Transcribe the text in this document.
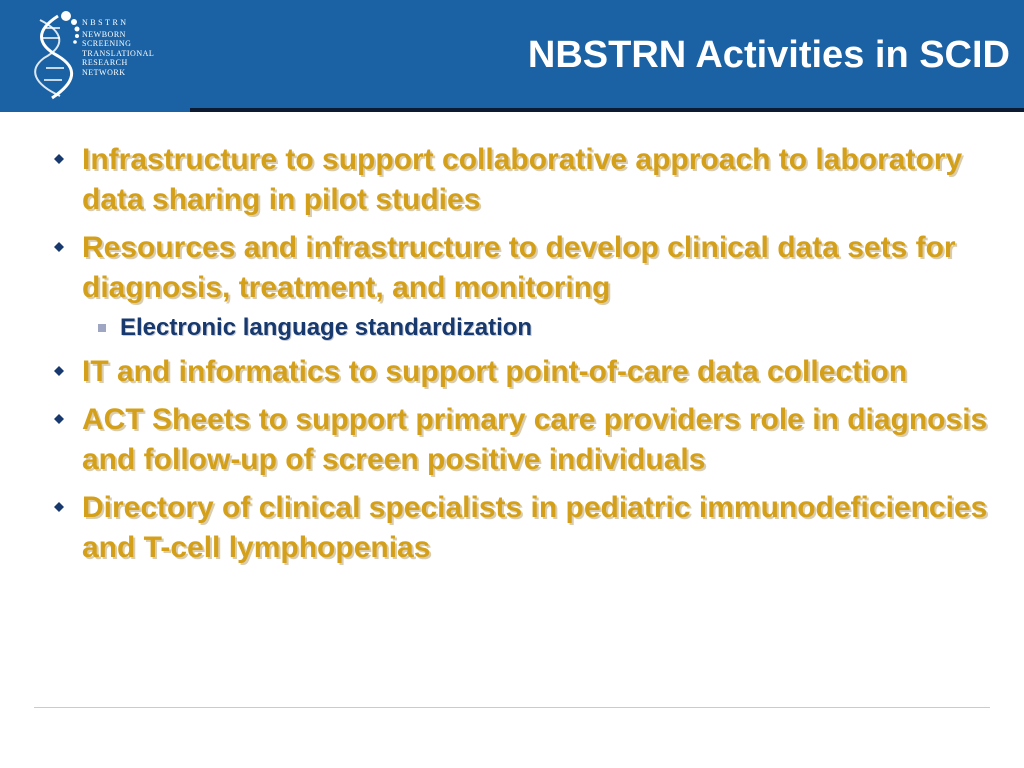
NBSTRN
NEWBORN
SCREENING
TRANSLATIONAL
RESEARCH
NETWORK	NBSTRN Activities in SCID
Infrastructure to support collaborative approach to laboratory data sharing in pilot studies
Resources and infrastructure to develop clinical data sets for diagnosis, treatment, and monitoring
Electronic language standardization
IT and informatics to support point-of-care data collection
ACT Sheets to support primary care providers role in diagnosis and follow-up of screen positive individuals
Directory of clinical specialists in pediatric immunodeficiencies and T-cell lymphopenias
